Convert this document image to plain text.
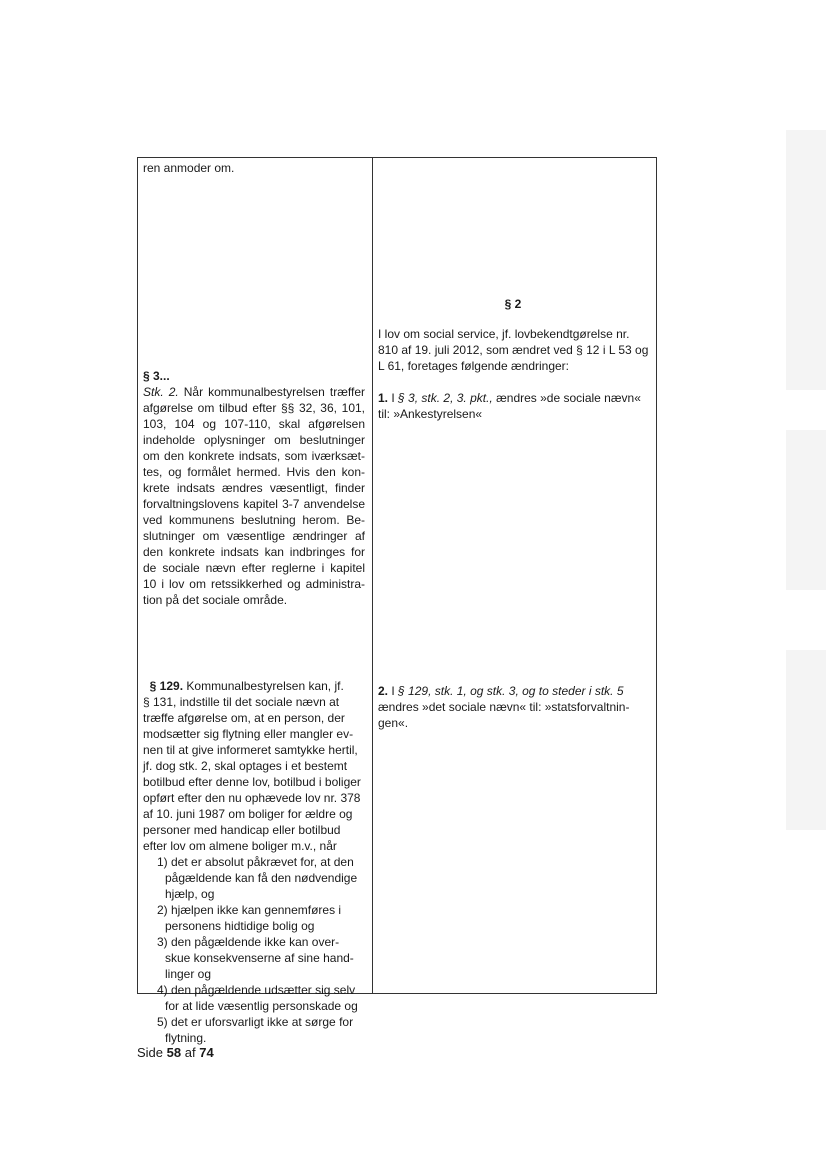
ren anmoder om.
§ 3...
Stk. 2. Når kommunalbestyrelsen træffer
afgørelse om tilbud efter §§ 32, 36, 101,
103, 104 og 107-110, skal afgørelsen
indeholde oplysninger om beslutninger
om den konkrete indsats, som iværksæt-
tes, og formålet hermed. Hvis den kon-
krete indsats ændres væsentligt, finder
forvaltningslovens kapitel 3-7 anvendelse
ved kommunens beslutning herom. Be-
slutninger om væsentlige ændringer af
den konkrete indsats kan indbringes for
de sociale nævn efter reglerne i kapitel
10 i lov om retssikkerhed og administra-
tion på det sociale område.
§ 129. Kommunalbestyrelsen kan, jf.
§ 131, indstille til det sociale nævn at
træffe afgørelse om, at en person, der
modsætter sig flytning eller mangler ev-
nen til at give informeret samtykke hertil,
jf. dog stk. 2, skal optages i et bestemt
botilbud efter denne lov, botilbud i boliger
opført efter den nu ophævede lov nr. 378
af 10. juni 1987 om boliger for ældre og
personer med handicap eller botilbud
efter lov om almene boliger m.v., når
1) det er absolut påkrævet for, at den
pågældende kan få den nødvendige
hjælp, og
2) hjælpen ikke kan gennemføres i
personens hidtidige bolig og
3) den pågældende ikke kan over-
skue konsekvenserne af sine hand-
linger og
4) den pågældende udsætter sig selv
for at lide væsentlig personskade og
5) det er uforsvarligt ikke at sørge for
flytning.
§ 2
I lov om social service, jf. lovbekendtgørelse nr.
810 af 19. juli 2012, som ændret ved § 12 i L 53 og
L 61, foretages følgende ændringer:
1. I § 3, stk. 2, 3. pkt., ændres »de sociale nævn«
til: »Ankestyrelsen«
2. I § 129, stk. 1, og stk. 3, og to steder i stk. 5
ændres »det sociale nævn« til: »statsforvaltnin-
gen«.
Side 58 af 74
